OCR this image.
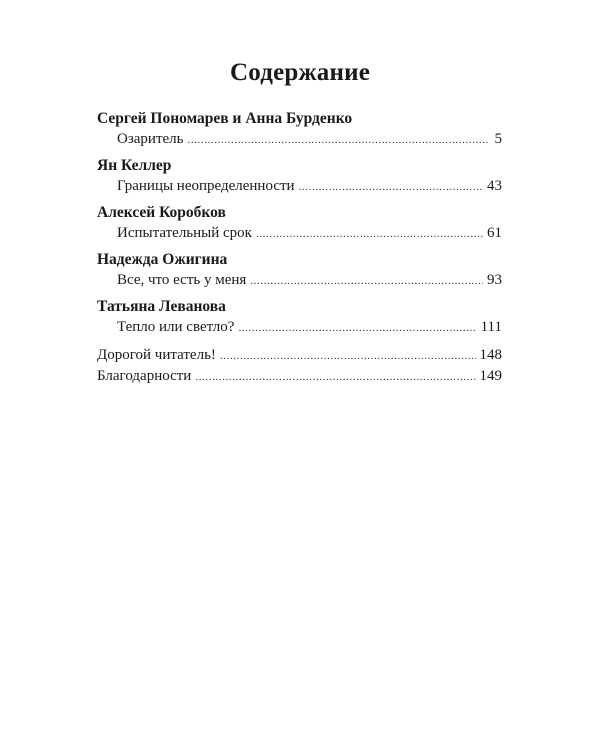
Содержание
Сергей Пономарев и Анна Бурденко
Озаритель .....	5
Ян Келлер
Границы неопределенности .....	43
Алексей Коробков
Испытательный срок .....	61
Надежда Ожигина
Все, что есть у меня .....	93
Татьяна Леванова
Тепло или светло? .....	111
Дорогой читатель! .....	148
Благодарности .....	149
